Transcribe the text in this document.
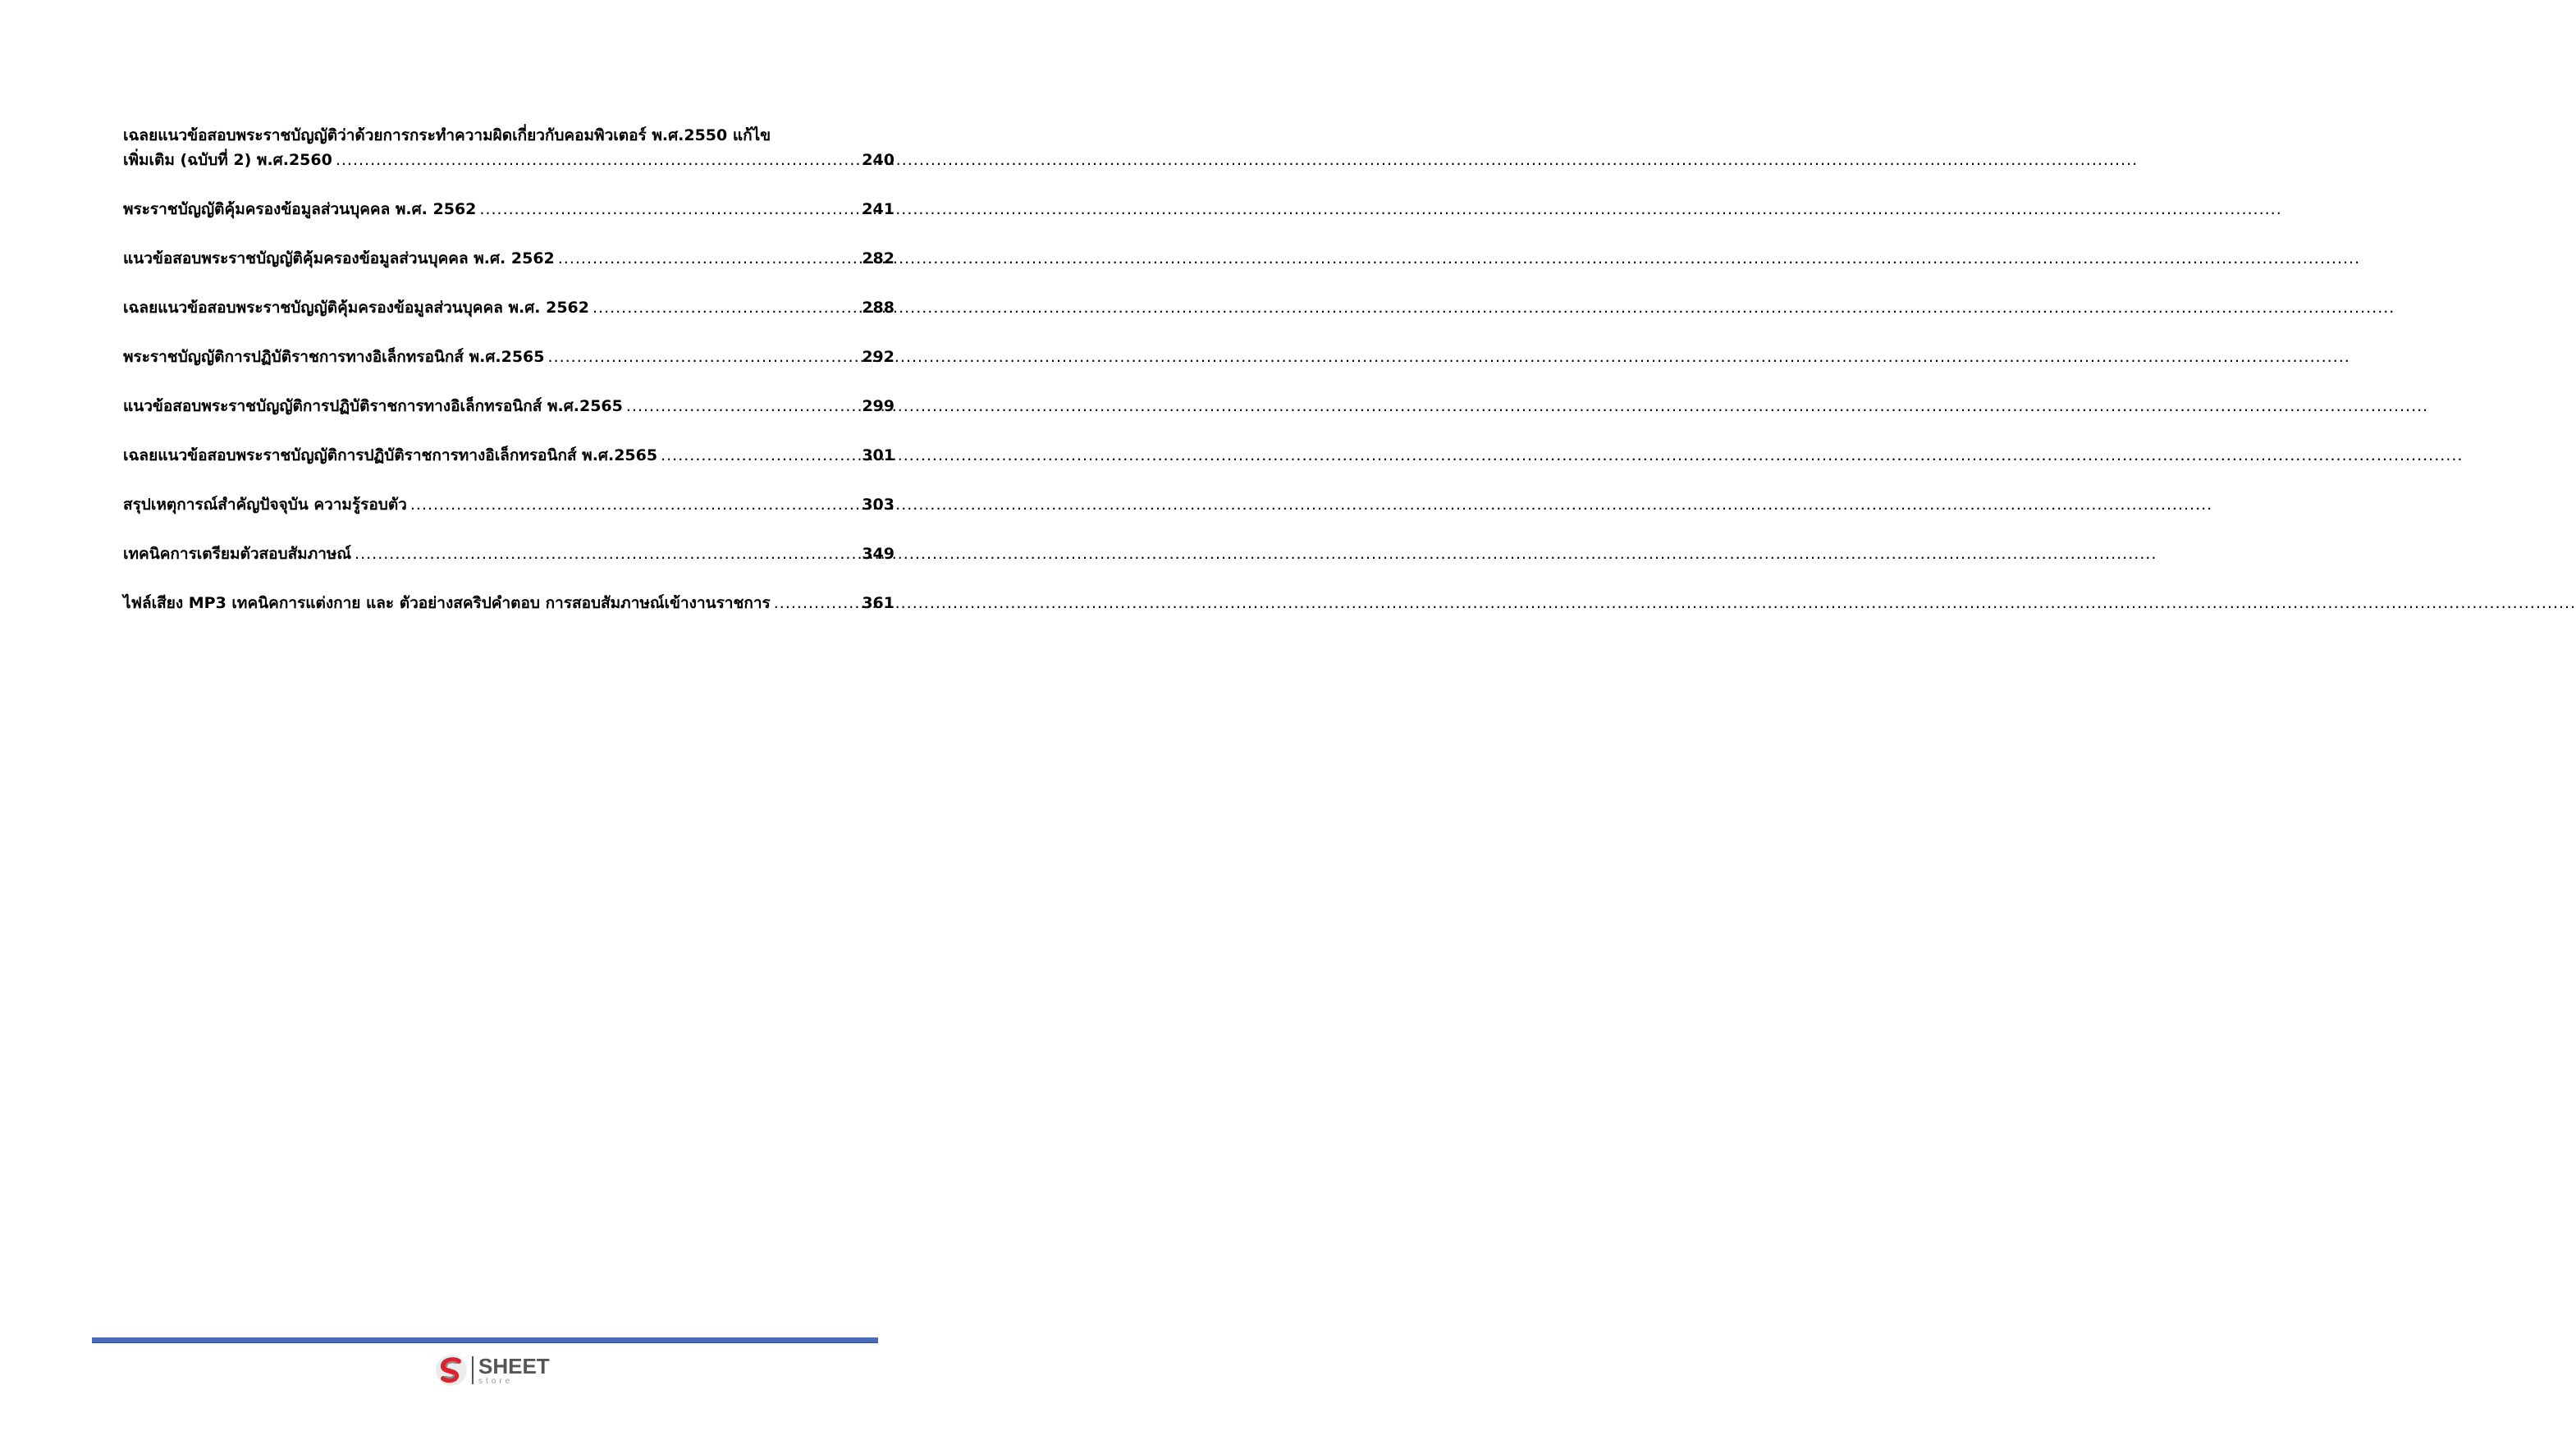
เฉลยแนวข้อสอบพระราชบัญญัติว่าด้วยการกระทำความผิดเกี่ยวกับคอมพิวเตอร์ พ.ศ.2550 แก้ไข
เพิ่มเติม (ฉบับที่ 2) พ.ศ.2560 .....	240
พระราชบัญญัติคุ้มครองข้อมูลส่วนบุคคล พ.ศ. 2562 .....	241
แนวข้อสอบพระราชบัญญัติคุ้มครองข้อมูลส่วนบุคคล พ.ศ. 2562 .....	282
เฉลยแนวข้อสอบพระราชบัญญัติคุ้มครองข้อมูลส่วนบุคคล พ.ศ. 2562 .....	288
พระราชบัญญัติการปฏิบัติราชการทางอิเล็กทรอนิกส์ พ.ศ.2565 .....	292
แนวข้อสอบพระราชบัญญัติการปฏิบัติราชการทางอิเล็กทรอนิกส์ พ.ศ.2565 .....	299
เฉลยแนวข้อสอบพระราชบัญญัติการปฏิบัติราชการทางอิเล็กทรอนิกส์ พ.ศ.2565 .....	301
สรุปเหตุการณ์สำคัญปัจจุบัน ความรู้รอบตัว .....	303
เทคนิคการเตรียมตัวสอบสัมภาษณ์ .....	349
ไฟล์เสียง MP3 เทคนิคการแต่งกาย และ ตัวอย่างสคริปคำตอบ การสอบสัมภาษณ์เข้างานราชการ .....	361
SHEET
store
